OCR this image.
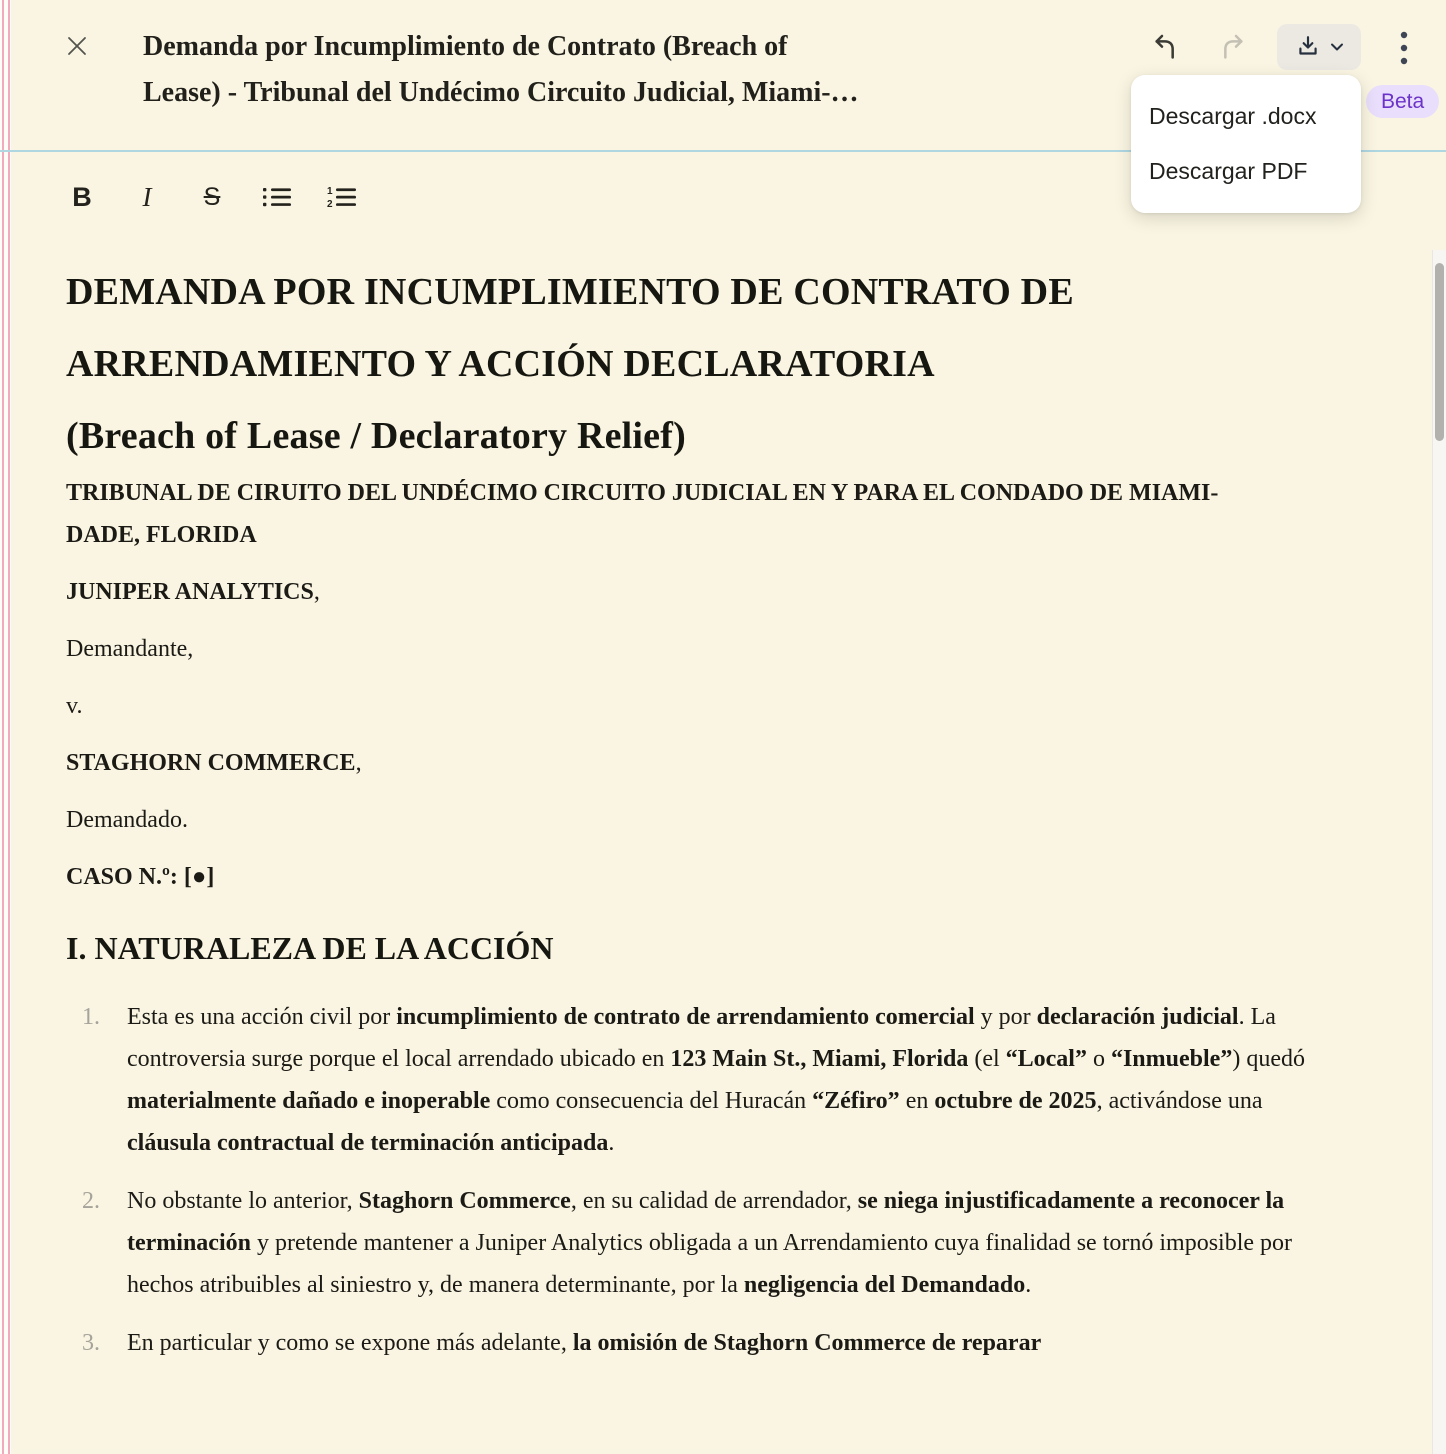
Demanda por Incumplimiento de Contrato (Breach of
Lease) - Tribunal del Undécimo Circuito Judicial, Miami-…	Beta
Descargar .docx
Descargar PDF
B	I	S	1
2
DEMANDA POR INCUMPLIMIENTO DE CONTRATO DE
ARRENDAMIENTO Y ACCIÓN DECLARATORIA
(Breach of Lease / Declaratory Relief)

TRIBUNAL DE CIRUITO DEL UNDÉCIMO CIRCUITO JUDICIAL EN Y PARA EL CONDADO DE MIAMI-
DADE, FLORIDA

JUNIPER ANALYTICS,

Demandante,

v.

STAGHORN COMMERCE,

Demandado.

CASO N.º: [●]

I. NATURALEZA DE LA ACCIÓN
1. Esta es una acción civil por incumplimiento de contrato de arrendamiento comercial y por declaración judicial. La controversia surge porque el local arrendado ubicado en 123 Main St., Miami, Florida (el “Local” o “Inmueble”) quedó materialmente dañado e inoperable como consecuencia del Huracán “Zéfiro” en octubre de 2025, activándose una cláusula contractual de terminación anticipada.
2. No obstante lo anterior, Staghorn Commerce, en su calidad de arrendador, se niega injustificadamente a reconocer la terminación y pretende mantener a Juniper Analytics obligada a un Arrendamiento cuya finalidad se tornó imposible por hechos atribuibles al siniestro y, de manera determinante, por la negligencia del Demandado.
3. En particular y como se expone más adelante, la omisión de Staghorn Commerce de reparar
